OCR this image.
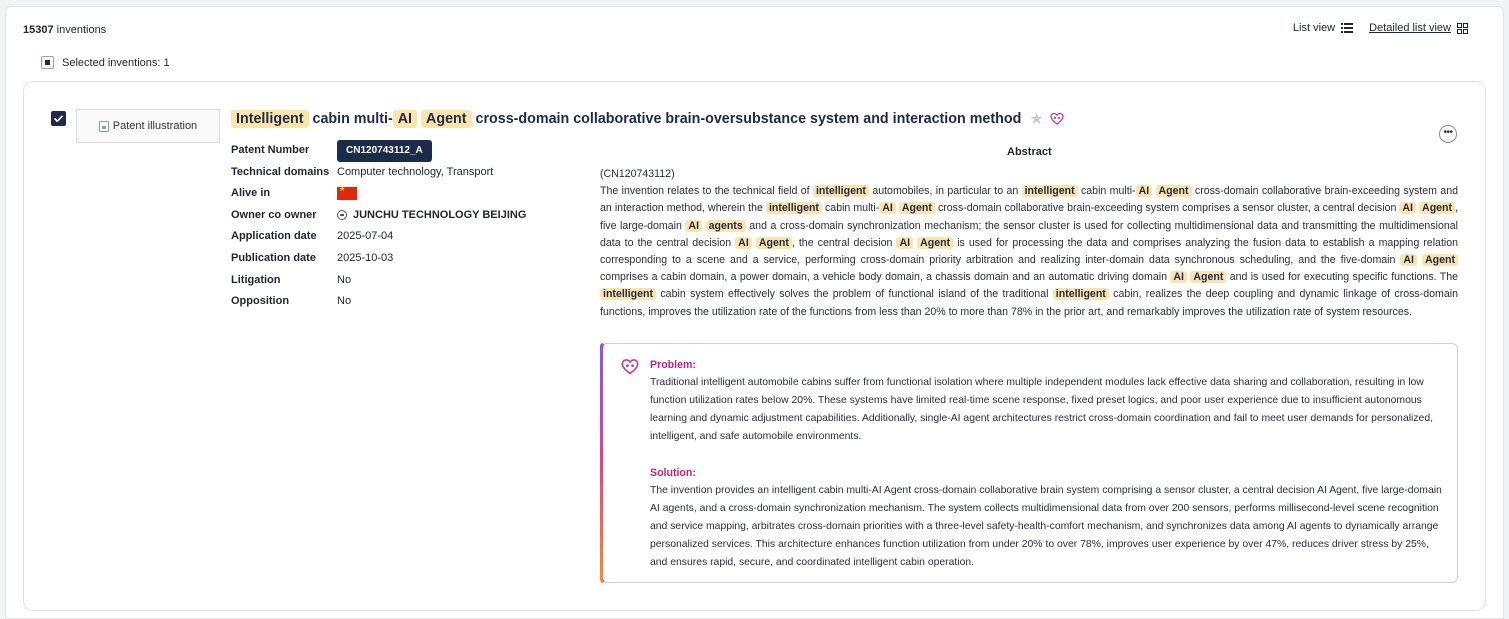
15307 inventions	List view	Detailed list view
Selected inventions: 1
Patent illustration	Intelligent cabin multi- AI Agent cross-domain collaborative brain-oversubstance system and interaction method ★
•••
Patent Number	CN120743112_A
Technical domains Computer technology, Transport
Alive in
★
Owner co owner	JUNCHU TECHNOLOGY BEIJING
Application date 2025-07-04
Publication date 2025-10-03
Litigation	No
Opposition	No
Abstract
(CN120743112)
The invention relates to the technical field of intelligent automobiles, in particular to an intelligent cabin multi- AI Agent cross-domain collaborative brain-exceeding system and an interaction method, wherein the intelligent cabin multi- AI Agent cross-domain collaborative brain-exceeding system comprises a sensor cluster, a central decision AI Agent , five large-domain AI agents and a cross-domain synchronization mechanism; the sensor cluster is used for collecting multidimensional data and transmitting the multidimensional data to the central decision AI Agent , the central decision AI Agent is used for processing the data and comprises analyzing the fusion data to establish a mapping relation corresponding to a scene and a service, performing cross-domain priority arbitration and realizing inter-domain data synchronous scheduling, and the five-domain AI Agent comprises a cabin domain, a power domain, a vehicle body domain, a chassis domain and an automatic driving domain AI Agent and is used for executing specific functions. The intelligent cabin system effectively solves the problem of functional island of the traditional intelligent cabin, realizes the deep coupling and dynamic linkage of cross-domain functions, improves the utilization rate of the functions from less than 20% to more than 78% in the prior art, and remarkably improves the utilization rate of system resources.
Problem:
Traditional intelligent automobile cabins suffer from functional isolation where multiple independent modules lack effective data sharing and collaboration, resulting in low function utilization rates below 20%. These systems have limited real-time scene response, fixed preset logics, and poor user experience due to insufficient autonomous learning and dynamic adjustment capabilities. Additionally, single-AI agent architectures restrict cross-domain coordination and fail to meet user demands for personalized, intelligent, and safe automobile environments.
Solution:
The invention provides an intelligent cabin multi-AI Agent cross-domain collaborative brain system comprising a sensor cluster, a central decision AI Agent, five large-domain AI agents, and a cross-domain synchronization mechanism. The system collects multidimensional data from over 200 sensors, performs millisecond-level scene recognition and service mapping, arbitrates cross-domain priorities with a three-level safety-health-comfort mechanism, and synchronizes data among AI agents to dynamically arrange personalized services. This architecture enhances function utilization from under 20% to over 78%, improves user experience by over 47%, reduces driver stress by 25%, and ensures rapid, secure, and coordinated intelligent cabin operation.
